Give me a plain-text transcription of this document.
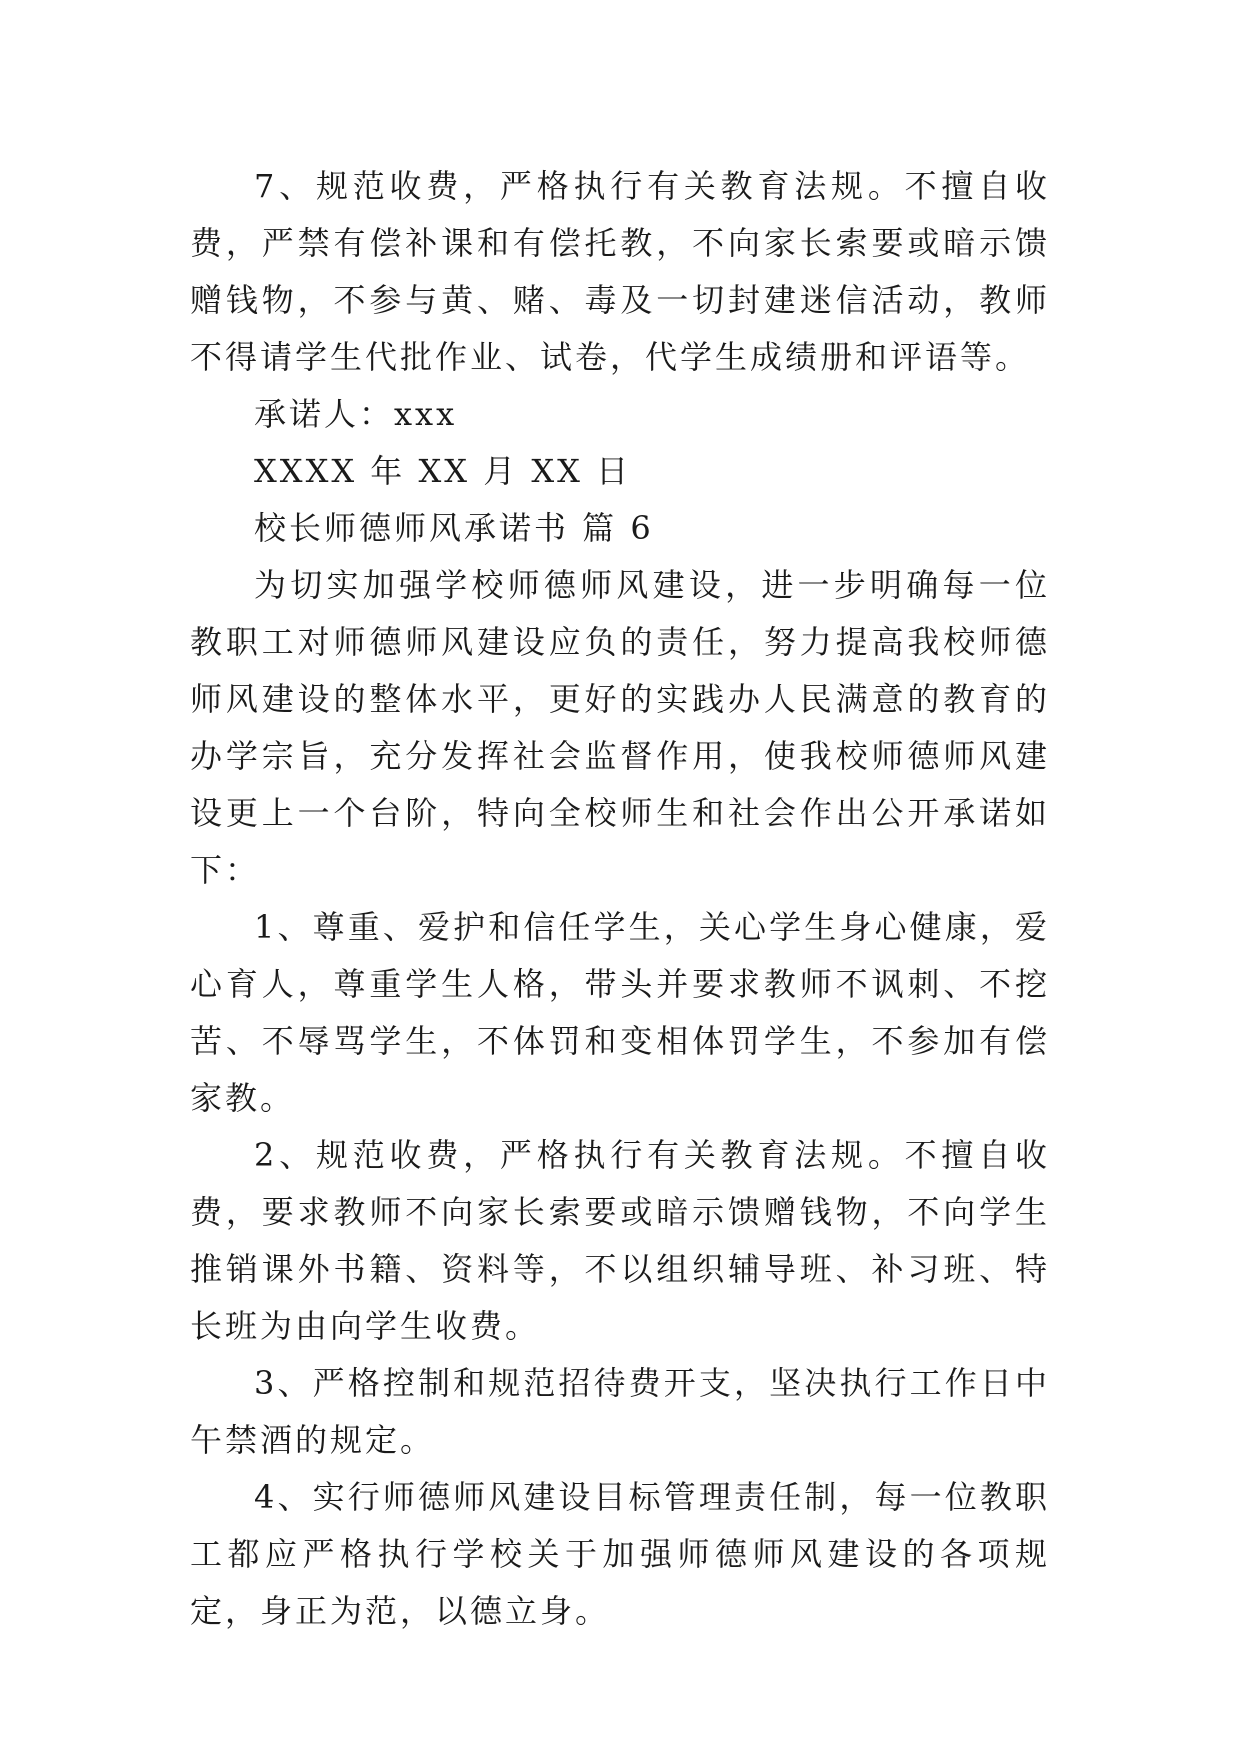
7、规范收费，严格执行有关教育法规。不擅自收费，严禁有偿补课和有偿托教，不向家长索要或暗示馈赠钱物，不参与黄、赌、毒及一切封建迷信活动，教师不得请学生代批作业、试卷，代学生成绩册和评语等。

承诺人：xxx

XXXX 年 XX 月 XX 日

校长师德师风承诺书 篇 6

为切实加强学校师德师风建设，进一步明确每一位教职工对师德师风建设应负的责任，努力提高我校师德师风建设的整体水平，更好的实践办人民满意的教育的办学宗旨，充分发挥社会监督作用，使我校师德师风建设更上一个台阶，特向全校师生和社会作出公开承诺如下：

1、尊重、爱护和信任学生，关心学生身心健康，爱心育人，尊重学生人格，带头并要求教师不讽刺、不挖苦、不辱骂学生，不体罚和变相体罚学生，不参加有偿家教。

2、规范收费，严格执行有关教育法规。不擅自收费，要求教师不向家长索要或暗示馈赠钱物，不向学生推销课外书籍、资料等，不以组织辅导班、补习班、特长班为由向学生收费。

3、严格控制和规范招待费开支，坚决执行工作日中午禁酒的规定。

4、实行师德师风建设目标管理责任制，每一位教职工都应严格执行学校关于加强师德师风建设的各项规定，身正为范，以德立身。
